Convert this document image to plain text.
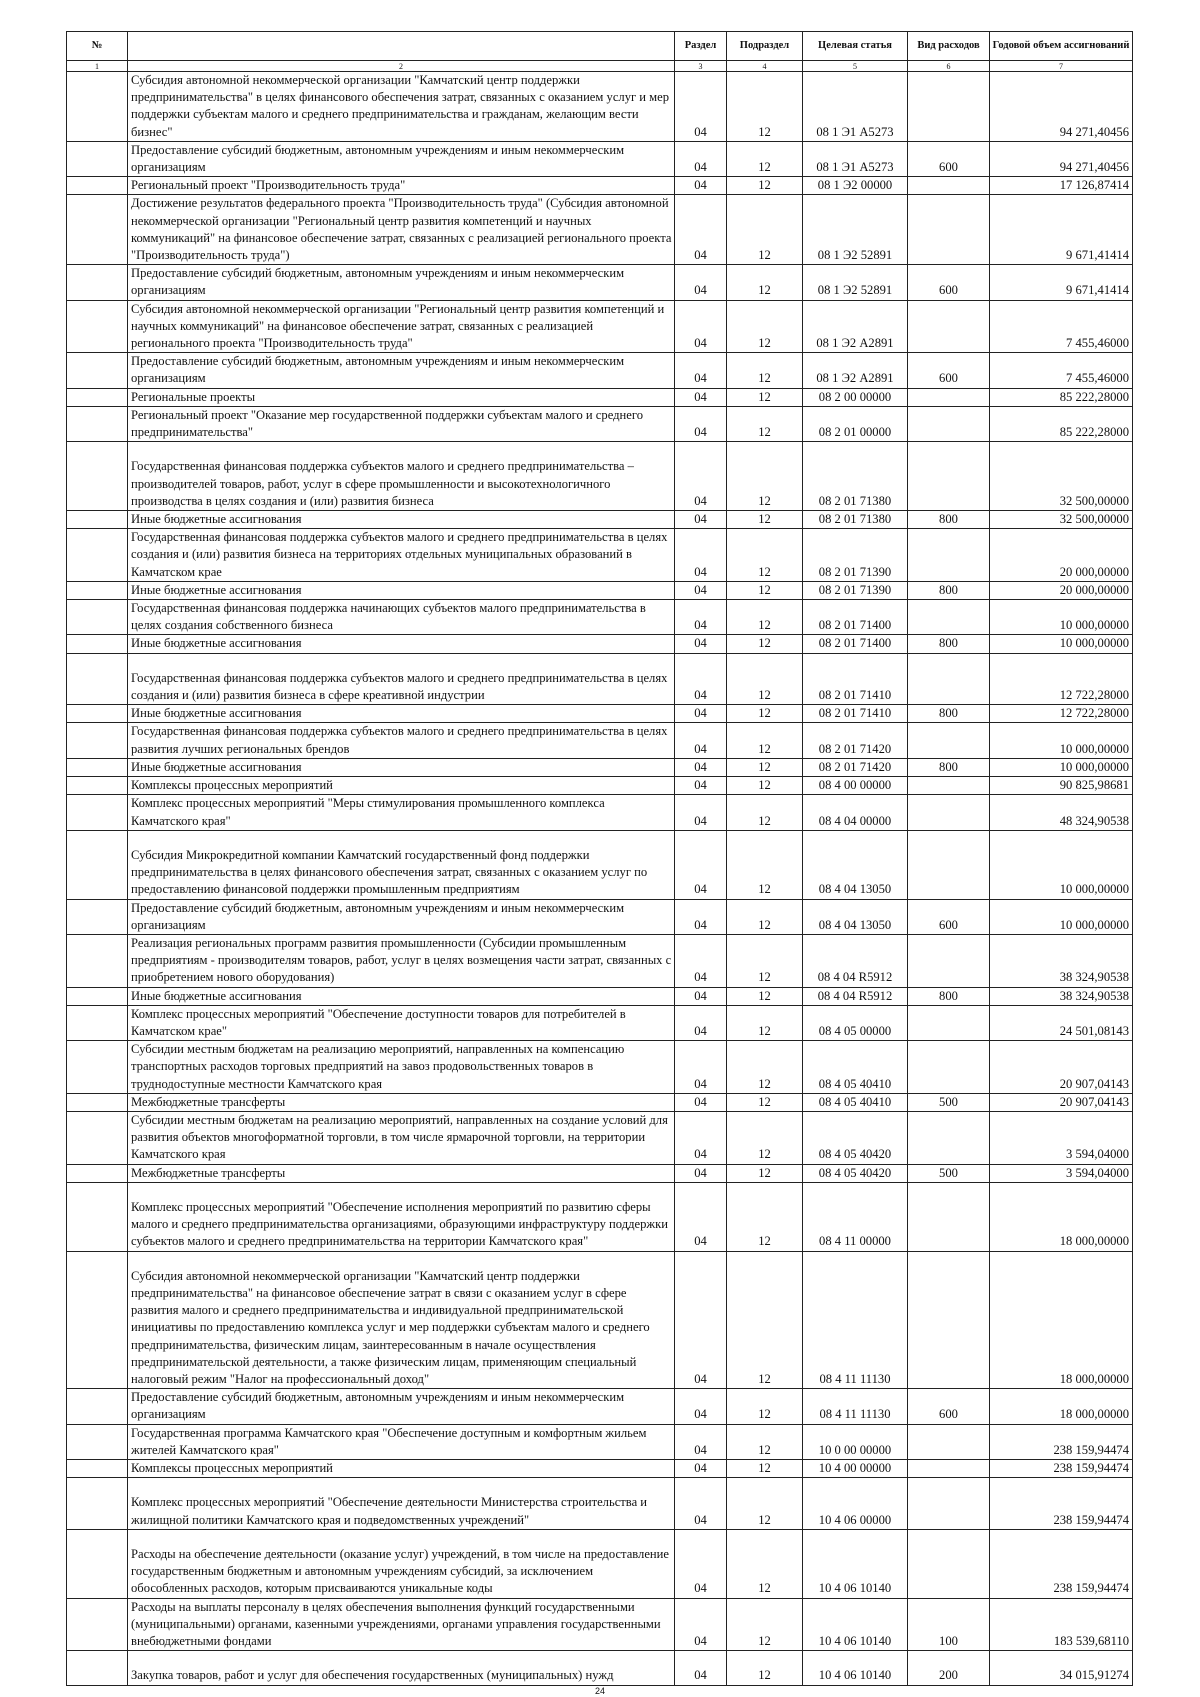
№		Раздел	Подраздел	Целевая статья	Вид расходов	Годовой объем ассигнований
1	2	3	4	5	6	7
	Субсидия автономной некоммерческой организации "Камчатский центр поддержки предпринимательства" в целях финансового обеспечения затрат, связанных с оказанием услуг и мер поддержки субъектам малого и среднего предпринимательства и гражданам, желающим вести бизнес"	04	12	08 1 Э1 A5273		94 271,40456
	Предоставление субсидий бюджетным, автономным учреждениям и иным некоммерческим организациям	04	12	08 1 Э1 A5273	600	94 271,40456
	Региональный проект "Производительность труда"	04	12	08 1 Э2 00000		17 126,87414
	Достижение результатов федерального проекта "Производительность труда" (Субсидия автономной некоммерческой организации "Региональный центр развития компетенций и научных коммуникаций" на финансовое обеспечение затрат, связанных с реализацией регионального проекта "Производительность труда")	04	12	08 1 Э2 52891		9 671,41414
	Предоставление субсидий бюджетным, автономным учреждениям и иным некоммерческим организациям	04	12	08 1 Э2 52891	600	9 671,41414
	Субсидия автономной некоммерческой организации "Региональный центр развития компетенций и научных коммуникаций" на финансовое обеспечение затрат, связанных с реализацией регионального проекта "Производительность труда"	04	12	08 1 Э2 A2891		7 455,46000
	Предоставление субсидий бюджетным, автономным учреждениям и иным некоммерческим организациям	04	12	08 1 Э2 A2891	600	7 455,46000
	Региональные проекты	04	12	08 2 00 00000		85 222,28000
	Региональный проект "Оказание мер государственной поддержки субъектам малого и среднего предпринимательства"	04	12	08 2 01 00000		85 222,28000
	Государственная финансовая поддержка субъектов малого и среднего предпринимательства – производителей товаров, работ, услуг в сфере промышленности и высокотехнологичного производства в целях создания и (или) развития бизнеса	04	12	08 2 01 71380		32 500,00000
	Иные бюджетные ассигнования	04	12	08 2 01 71380	800	32 500,00000
	Государственная финансовая поддержка субъектов малого и среднего предпринимательства в целях создания и (или) развития бизнеса на территориях отдельных муниципальных образований в Камчатском крае	04	12	08 2 01 71390		20 000,00000
	Иные бюджетные ассигнования	04	12	08 2 01 71390	800	20 000,00000
	Государственная финансовая поддержка начинающих субъектов малого предпринимательства в целях создания собственного бизнеса	04	12	08 2 01 71400		10 000,00000
	Иные бюджетные ассигнования	04	12	08 2 01 71400	800	10 000,00000
	Государственная финансовая поддержка субъектов малого и среднего предпринимательства в целях создания и (или) развития бизнеса в сфере креативной индустрии	04	12	08 2 01 71410		12 722,28000
	Иные бюджетные ассигнования	04	12	08 2 01 71410	800	12 722,28000
	Государственная финансовая поддержка субъектов малого и среднего предпринимательства в целях развития лучших региональных брендов	04	12	08 2 01 71420		10 000,00000
	Иные бюджетные ассигнования	04	12	08 2 01 71420	800	10 000,00000
	Комплексы процессных мероприятий	04	12	08 4 00 00000		90 825,98681
	Комплекс процессных мероприятий "Меры стимулирования промышленного комплекса Камчатского края"	04	12	08 4 04 00000		48 324,90538
	Субсидия Микрокредитной компании Камчатский государственный фонд поддержки предпринимательства в целях финансового обеспечения затрат, связанных с оказанием услуг по предоставлению финансовой поддержки промышленным предприятиям	04	12	08 4 04 13050		10 000,00000
	Предоставление субсидий бюджетным, автономным учреждениям и иным некоммерческим организациям	04	12	08 4 04 13050	600	10 000,00000
	Реализация региональных программ развития промышленности (Субсидии промышленным предприятиям - производителям товаров, работ, услуг в целях возмещения части затрат, связанных с приобретением нового оборудования)	04	12	08 4 04 R5912		38 324,90538
	Иные бюджетные ассигнования	04	12	08 4 04 R5912	800	38 324,90538
	Комплекс процессных мероприятий "Обеспечение доступности товаров для потребителей в Камчатском крае"	04	12	08 4 05 00000		24 501,08143
	Субсидии местным бюджетам на реализацию мероприятий, направленных на компенсацию транспортных расходов торговых предприятий на завоз продовольственных товаров в труднодоступные местности Камчатского края	04	12	08 4 05 40410		20 907,04143
	Межбюджетные трансферты	04	12	08 4 05 40410	500	20 907,04143
	Субсидии местным бюджетам на реализацию мероприятий, направленных на создание условий для развития объектов многоформатной торговли, в том числе ярмарочной торговли, на территории Камчатского края	04	12	08 4 05 40420		3 594,04000
	Межбюджетные трансферты	04	12	08 4 05 40420	500	3 594,04000
	Комплекс процессных мероприятий "Обеспечение исполнения мероприятий по развитию сферы малого и среднего предпринимательства организациями, образующими инфраструктуру поддержки субъектов малого и среднего предпринимательства на территории Камчатского края"	04	12	08 4 11 00000		18 000,00000
	Субсидия автономной некоммерческой организации "Камчатский центр поддержки предпринимательства" на финансовое обеспечение затрат в связи с оказанием услуг в сфере развития малого и среднего предпринимательства и индивидуальной предпринимательской инициативы по предоставлению комплекса услуг и мер поддержки субъектам малого и среднего предпринимательства, физическим лицам, заинтересованным в начале осуществления предпринимательской деятельности, а также физическим лицам, применяющим специальный налоговый режим "Налог на профессиональный доход"	04	12	08 4 11 11130		18 000,00000
	Предоставление субсидий бюджетным, автономным учреждениям и иным некоммерческим организациям	04	12	08 4 11 11130	600	18 000,00000
	Государственная программа Камчатского края "Обеспечение доступным и комфортным жильем жителей Камчатского края"	04	12	10 0 00 00000		238 159,94474
	Комплексы процессных мероприятий	04	12	10 4 00 00000		238 159,94474
	Комплекс процессных мероприятий "Обеспечение деятельности Министерства строительства и жилищной политики Камчатского края и подведомственных учреждений"	04	12	10 4 06 00000		238 159,94474
	Расходы на обеспечение деятельности (оказание услуг) учреждений, в том числе на предоставление государственным бюджетным и автономным учреждениям субсидий, за исключением обособленных расходов, которым присваиваются уникальные коды	04	12	10 4 06 10140		238 159,94474
	Расходы на выплаты персоналу в целях обеспечения выполнения функций государственными (муниципальными) органами, казенными учреждениями, органами управления государственными внебюджетными фондами	04	12	10 4 06 10140	100	183 539,68110
	Закупка товаров, работ и услуг для обеспечения государственных (муниципальных) нужд	04	12	10 4 06 10140	200	34 015,91274
24
